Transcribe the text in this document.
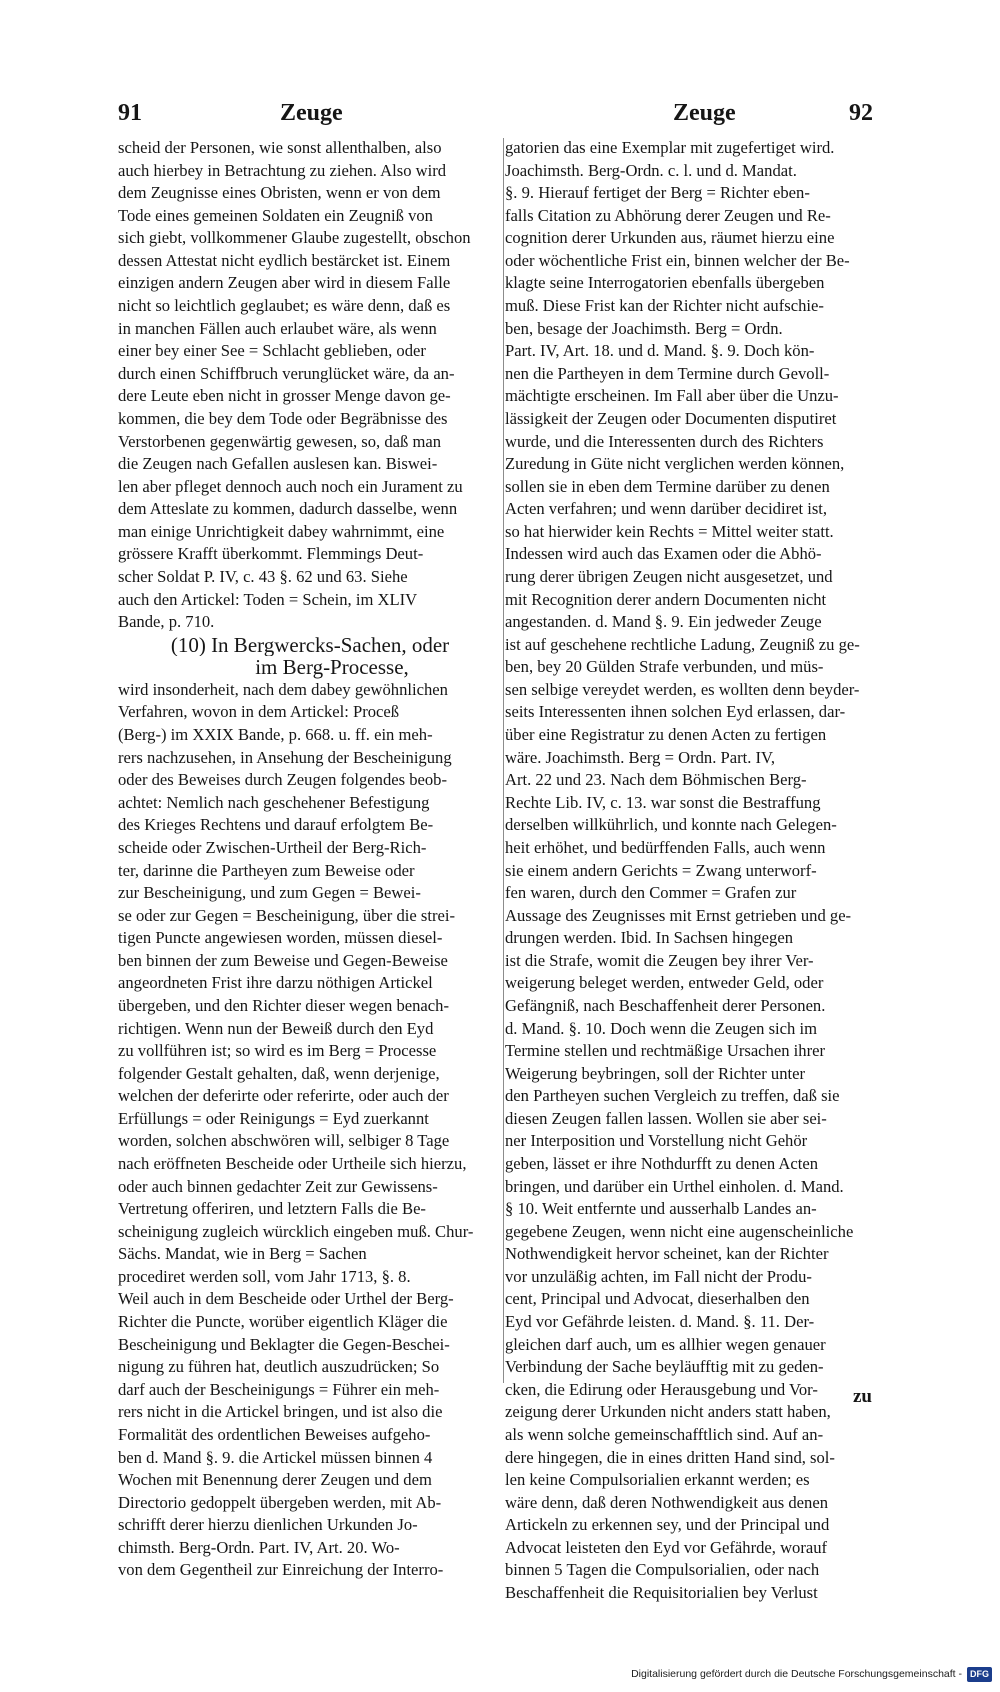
91	Zeuge	Zeuge	92
scheid der Personen, wie sonst allenthalben, also
auch hierbey in Betrachtung zu ziehen. Also wird
dem Zeugnisse eines Obristen, wenn er von dem
Tode eines gemeinen Soldaten ein Zeugniß von
sich giebt, vollkommener Glaube zugestellt, obschon
dessen Attestat nicht eydlich bestärcket ist. Einem
einzigen andern Zeugen aber wird in diesem Falle
nicht so leichtlich geglaubet; es wäre denn, daß es
in manchen Fällen auch erlaubet wäre, als wenn
einer bey einer See = Schlacht geblieben, oder
durch einen Schiffbruch verunglücket wäre, da an-
dere Leute eben nicht in grosser Menge davon ge-
kommen, die bey dem Tode oder Begräbnisse des
Verstorbenen gegenwärtig gewesen, so, daß man
die Zeugen nach Gefallen auslesen kan. Biswei-
len aber pfleget dennoch auch noch ein Jurament zu
dem Atteslate zu kommen, dadurch dasselbe, wenn
man einige Unrichtigkeit dabey wahrnimmt, eine
grössere Krafft überkommt. Flemmings Deut-
scher Soldat P. IV, c. 43 §. 62 und 63. Siehe
auch den Artickel: Toden = Schein, im XLIV
Bande, p. 710.
(10) In Bergwercks-Sachen, oder
im Berg-Processe,
wird insonderheit, nach dem dabey gewöhnlichen
Verfahren, wovon in dem Artickel: Proceß
(Berg-) im XXIX Bande, p. 668. u. ff. ein meh-
rers nachzusehen, in Ansehung der Bescheinigung
oder des Beweises durch Zeugen folgendes beob-
achtet: Nemlich nach geschehener Befestigung
des Krieges Rechtens und darauf erfolgtem Be-
scheide oder Zwischen-Urtheil der Berg-Rich-
ter, darinne die Partheyen zum Beweise oder
zur Bescheinigung, und zum Gegen = Bewei-
se oder zur Gegen = Bescheinigung, über die strei-
tigen Puncte angewiesen worden, müssen diesel-
ben binnen der zum Beweise und Gegen-Beweise
angeordneten Frist ihre darzu nöthigen Artickel
übergeben, und den Richter dieser wegen benach-
richtigen. Wenn nun der Beweiß durch den Eyd
zu vollführen ist; so wird es im Berg = Processe
folgender Gestalt gehalten, daß, wenn derjenige,
welchen der deferirte oder referirte, oder auch der
Erfüllungs = oder Reinigungs = Eyd zuerkannt
worden, solchen abschwören will, selbiger 8 Tage
nach eröffneten Bescheide oder Urtheile sich hierzu,
oder auch binnen gedachter Zeit zur Gewissens-
Vertretung offeriren, und letztern Falls die Be-
scheinigung zugleich würcklich eingeben muß. Chur-
Sächs. Mandat, wie in Berg = Sachen
procediret werden soll, vom Jahr 1713, §. 8.
Weil auch in dem Bescheide oder Urthel der Berg-
Richter die Puncte, worüber eigentlich Kläger die
Bescheinigung und Beklagter die Gegen-Beschei-
nigung zu führen hat, deutlich auszudrücken; So
darf auch der Bescheinigungs = Führer ein meh-
rers nicht in die Artickel bringen, und ist also die
Formalität des ordentlichen Beweises aufgeho-
ben d. Mand §. 9. die Artickel müssen binnen 4
Wochen mit Benennung derer Zeugen und dem
Directorio gedoppelt übergeben werden, mit Ab-
schrifft derer hierzu dienlichen Urkunden Jo-
chimsth. Berg-Ordn. Part. IV, Art. 20. Wo-
von dem Gegentheil zur Einreichung der Interro-
gatorien das eine Exemplar mit zugefertiget wird.
Joachimsth. Berg-Ordn. c. l. und d. Mandat.
§. 9. Hierauf fertiget der Berg = Richter eben-
falls Citation zu Abhörung derer Zeugen und Re-
cognition derer Urkunden aus, räumet hierzu eine
oder wöchentliche Frist ein, binnen welcher der Be-
klagte seine Interrogatorien ebenfalls übergeben
muß. Diese Frist kan der Richter nicht aufschie-
ben, besage der Joachimsth. Berg = Ordn.
Part. IV, Art. 18. und d. Mand. §. 9. Doch kön-
nen die Partheyen in dem Termine durch Gevoll-
mächtigte erscheinen. Im Fall aber über die Unzu-
lässigkeit der Zeugen oder Documenten disputiret
wurde, und die Interessenten durch des Richters
Zuredung in Güte nicht verglichen werden können,
sollen sie in eben dem Termine darüber zu denen
Acten verfahren; und wenn darüber decidiret ist,
so hat hierwider kein Rechts = Mittel weiter statt.
Indessen wird auch das Examen oder die Abhö-
rung derer übrigen Zeugen nicht ausgesetzet, und
mit Recognition derer andern Documenten nicht
angestanden. d. Mand §. 9. Ein jedweder Zeuge
ist auf geschehene rechtliche Ladung, Zeugniß zu ge-
ben, bey 20 Gülden Strafe verbunden, und müs-
sen selbige vereydet werden, es wollten denn beyder-
seits Interessenten ihnen solchen Eyd erlassen, dar-
über eine Registratur zu denen Acten zu fertigen
wäre. Joachimsth. Berg = Ordn. Part. IV,
Art. 22 und 23. Nach dem Böhmischen Berg-
Rechte Lib. IV, c. 13. war sonst die Bestraffung
derselben willkührlich, und konnte nach Gelegen-
heit erhöhet, und bedürffenden Falls, auch wenn
sie einem andern Gerichts = Zwang unterworf-
fen waren, durch den Commer = Grafen zur
Aussage des Zeugnisses mit Ernst getrieben und ge-
drungen werden. Ibid. In Sachsen hingegen
ist die Strafe, womit die Zeugen bey ihrer Ver-
weigerung beleget werden, entweder Geld, oder
Gefängniß, nach Beschaffenheit derer Personen.
d. Mand. §. 10. Doch wenn die Zeugen sich im
Termine stellen und rechtmäßige Ursachen ihrer
Weigerung beybringen, soll der Richter unter
den Partheyen suchen Vergleich zu treffen, daß sie
diesen Zeugen fallen lassen. Wollen sie aber sei-
ner Interposition und Vorstellung nicht Gehör
geben, lässet er ihre Nothdurfft zu denen Acten
bringen, und darüber ein Urthel einholen. d. Mand.
§ 10. Weit entfernte und ausserhalb Landes an-
gegebene Zeugen, wenn nicht eine augenscheinliche
Nothwendigkeit hervor scheinet, kan der Richter
vor unzuläßig achten, im Fall nicht der Produ-
cent, Principal und Advocat, dieserhalben den
Eyd vor Gefährde leisten. d. Mand. §. 11. Der-
gleichen darf auch, um es allhier wegen genauer
Verbindung der Sache beyläufftig mit zu geden-
cken, die Edirung oder Herausgebung und Vor-
zeigung derer Urkunden nicht anders statt haben,
als wenn solche gemeinschafftlich sind. Auf an-
dere hingegen, die in eines dritten Hand sind, sol-
len keine Compulsorialien erkannt werden; es
wäre denn, daß deren Nothwendigkeit aus denen
Artickeln zu erkennen sey, und der Principal und
Advocat leisteten den Eyd vor Gefährde, worauf
binnen 5 Tagen die Compulsorialien, oder nach
Beschaffenheit die Requisitorialien bey Verlust
zu
Digitalisierung gefördert durch die Deutsche Forschungsgemeinschaft - DFG
